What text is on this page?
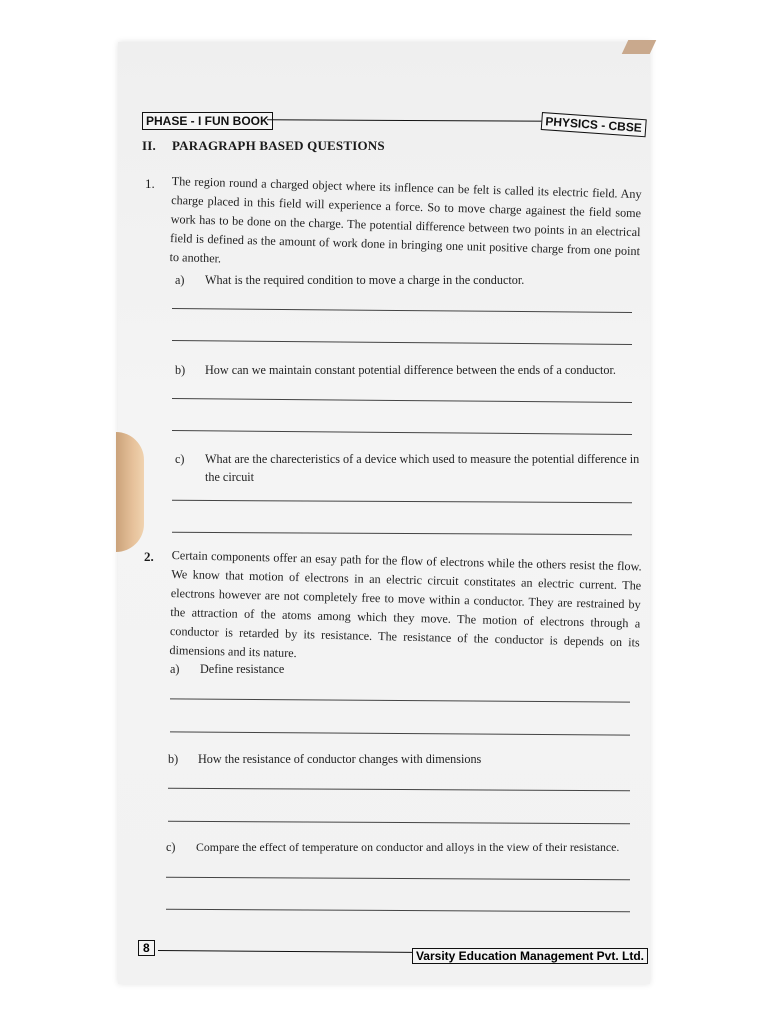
PHASE - I FUN BOOK	PHYSICS - CBSE
II. PARAGRAPH BASED QUESTIONS
1. The region round a charged object where its inflence can be felt is called its electric field. Any charge placed in this field will experience a force. So to move charge againest the field some work has to be done on the charge. The potential difference between two points in an electrical field is defined as the amount of work done in bringing one unit positive charge from one point to another.
a) What is the required condition to move a charge in the conductor.
b) How can we maintain constant potential difference between the ends of a conductor.
c) What are the charecteristics of a device which used to measure the potential difference in the circuit
2. Certain components offer an esay path for the flow of electrons while the others resist the flow. We know that motion of electrons in an electric circuit constitates an electric current. The electrons however are not completely free to move within a conductor. They are restrained by the attraction of the atoms among which they move. The motion of electrons through a conductor is retarded by its resistance. The resistance of the conductor is depends on its dimensions and its nature.
a) Define resistance
b) How the resistance of conductor changes with dimensions
c) Compare the effect of temperature on conductor and alloys in the view of their resistance.
8
Varsity Education Management Pvt. Ltd.
